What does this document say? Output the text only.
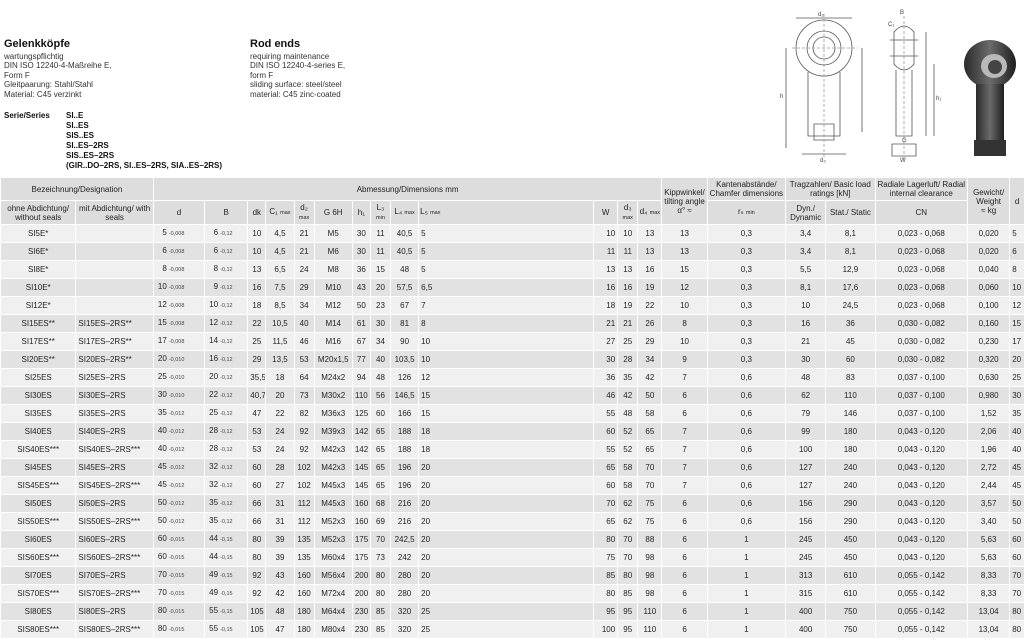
Gelenkköpfe
wartungspflichtig
DIN ISO 12240-4-Maßreihe E,
Form F
Gleitpaarung: Stahl/Stahl
Material: C45 verzinkt
Rod ends
requiring maintenance
DIN ISO 12240-4-series E,
form F
sliding surface: steel/steel
material: C45 zinc-coated
Serie/Series SI..E
SI..ES
SIS..ES
SI..ES–2RS
SIS..ES–2RS
(GIR..DO–2RS, SI..ES–2RS, SIA..ES–2RS)
d₂
h
d₃
B
C₁
G
W
h₁
Bezeichnung/Designation		Abmessung/Dimensions mm													Kippwinkel/ tilting angle
α° ≈	Kantenabstände/ Chamfer dimensions	Tragzahlen/ Basic load ratings [kN]		Radiale Lagerluft/ Radial internal clearance	Gewicht/ Weight
≈ kg	d
ohne Abdichtung/ without seals	mit Abdichtung/ with seals	d	B	dk	C₁ max	d₂ max	G 6H	h₁	L₃ min	L₄ max	L₅ max	W	d₃ max	d₄ max		rₛ min	Dyn./ Dynamic	Stat./ Static	CN		
SI5E*		5 -0,008	6 -0,12	10	4,5	21	M5	30	11	40,5	5	10	10	13	13	0,3	3,4	8,1	0,023 - 0,068	0,020	5
SI6E*		6 -0,008	6 -0,12	10	4,5	21	M6	30	11	40,5	5	11	11	13	13	0,3	3,4	8,1	0,023 - 0,068	0,020	6
SI8E*		8 -0,008	8 -0,12	13	6,5	24	M8	36	15	48	5	13	13	16	15	0,3	5,5	12,9	0,023 - 0,068	0,040	8
SI10E*		10 -0,008	9 -0,12	16	7,5	29	M10	43	20	57,5	6,5	16	16	19	12	0,3	8,1	17,6	0,023 - 0,068	0,060	10
SI12E*		12 -0,008	10 -0,12	18	8,5	34	M12	50	23	67	7	18	19	22	10	0,3	10	24,5	0,023 - 0,068	0,100	12
SI15ES**	SI15ES–2RS**	15 -0,008	12 -0,12	22	10,5	40	M14	61	30	81	8	21	21	26	8	0,3	16	36	0,030 - 0,082	0,160	15
SI17ES**	SI17ES–2RS**	17 -0,008	14 -0,12	25	11,5	46	M16	67	34	90	10	27	25	29	10	0,3	21	45	0,030 - 0,082	0,230	17
SI20ES**	SI20ES–2RS**	20 -0,010	16 -0,12	29	13,5	53	M20x1,5	77	40	103,5	10	30	28	34	9	0,3	30	60	0,030 - 0,082	0,320	20
SI25ES	SI25ES–2RS	25 -0,010	20 -0,12	35,5	18	64	M24x2	94	48	126	12	36	35	42	7	0,6	48	83	0,037 - 0,100	0,630	25
SI30ES	SI30ES–2RS	30 -0,010	22 -0,12	40,7	20	73	M30x2	110	56	146,5	15	46	42	50	6	0,6	62	110	0,037 - 0,100	0,980	30
SI35ES	SI35ES–2RS	35 -0,012	25 -0,12	47	22	82	M36x3	125	60	166	15	55	48	58	6	0,6	79	146	0,037 - 0,100	1,52	35
SI40ES	SI40ES–2RS	40 -0,012	28 -0,12	53	24	92	M39x3	142	65	188	18	60	52	65	7	0,6	99	180	0,043 - 0,120	2,06	40
SIS40ES***	SIS40ES–2RS***	40 -0,012	28 -0,12	53	24	92	M42x3	142	65	188	18	55	52	65	7	0,6	100	180	0,043 - 0,120	1,96	40
SI45ES	SI45ES–2RS	45 -0,012	32 -0,12	60	28	102	M42x3	145	65	196	20	65	58	70	7	0,6	127	240	0,043 - 0,120	2,72	45
SIS45ES***	SIS45ES–2RS***	45 -0,012	32 -0,12	60	27	102	M45x3	145	65	196	20	60	58	70	7	0,6	127	240	0,043 - 0,120	2,44	45
SI50ES	SI50ES–2RS	50 -0,012	35 -0,12	66	31	112	M45x3	160	68	216	20	70	62	75	6	0,6	156	290	0,043 - 0,120	3,57	50
SIS50ES***	SIS50ES–2RS***	50 -0,012	35 -0,12	66	31	112	M52x3	160	69	216	20	65	62	75	6	0,6	156	290	0,043 - 0,120	3,40	50
SI60ES	SI60ES–2RS	60 -0,015	44 -0,15	80	39	135	M52x3	175	70	242,5	20	80	70	88	6	1	245	450	0,043 - 0,120	5,63	60
SIS60ES***	SIS60ES–2RS***	60 -0,015	44 -0,15	80	39	135	M60x4	175	73	242	20	75	70	98	6	1	245	450	0,043 - 0,120	5,63	60
SI70ES	SI70ES–2RS	70 -0,015	49 -0,15	92	43	160	M56x4	200	80	280	20	85	80	98	6	1	313	610	0,055 - 0,142	8,33	70
SIS70ES***	SIS70ES–2RS***	70 -0,015	49 -0,15	92	42	160	M72x4	200	80	280	20	80	85	98	6	1	315	610	0,055 - 0,142	8,33	70
SI80ES	SI80ES–2RS	80 -0,015	55 -0,15	105	48	180	M64x4	230	85	320	25	95	95	110	6	1	400	750	0,055 - 0,142	13,04	80
SIS80ES***	SIS80ES–2RS***	80 -0,015	55 -0,15	105	47	180	M80x4	230	85	320	25	100	95	110	6	1	400	750	0,055 - 0,142	13,04	80
